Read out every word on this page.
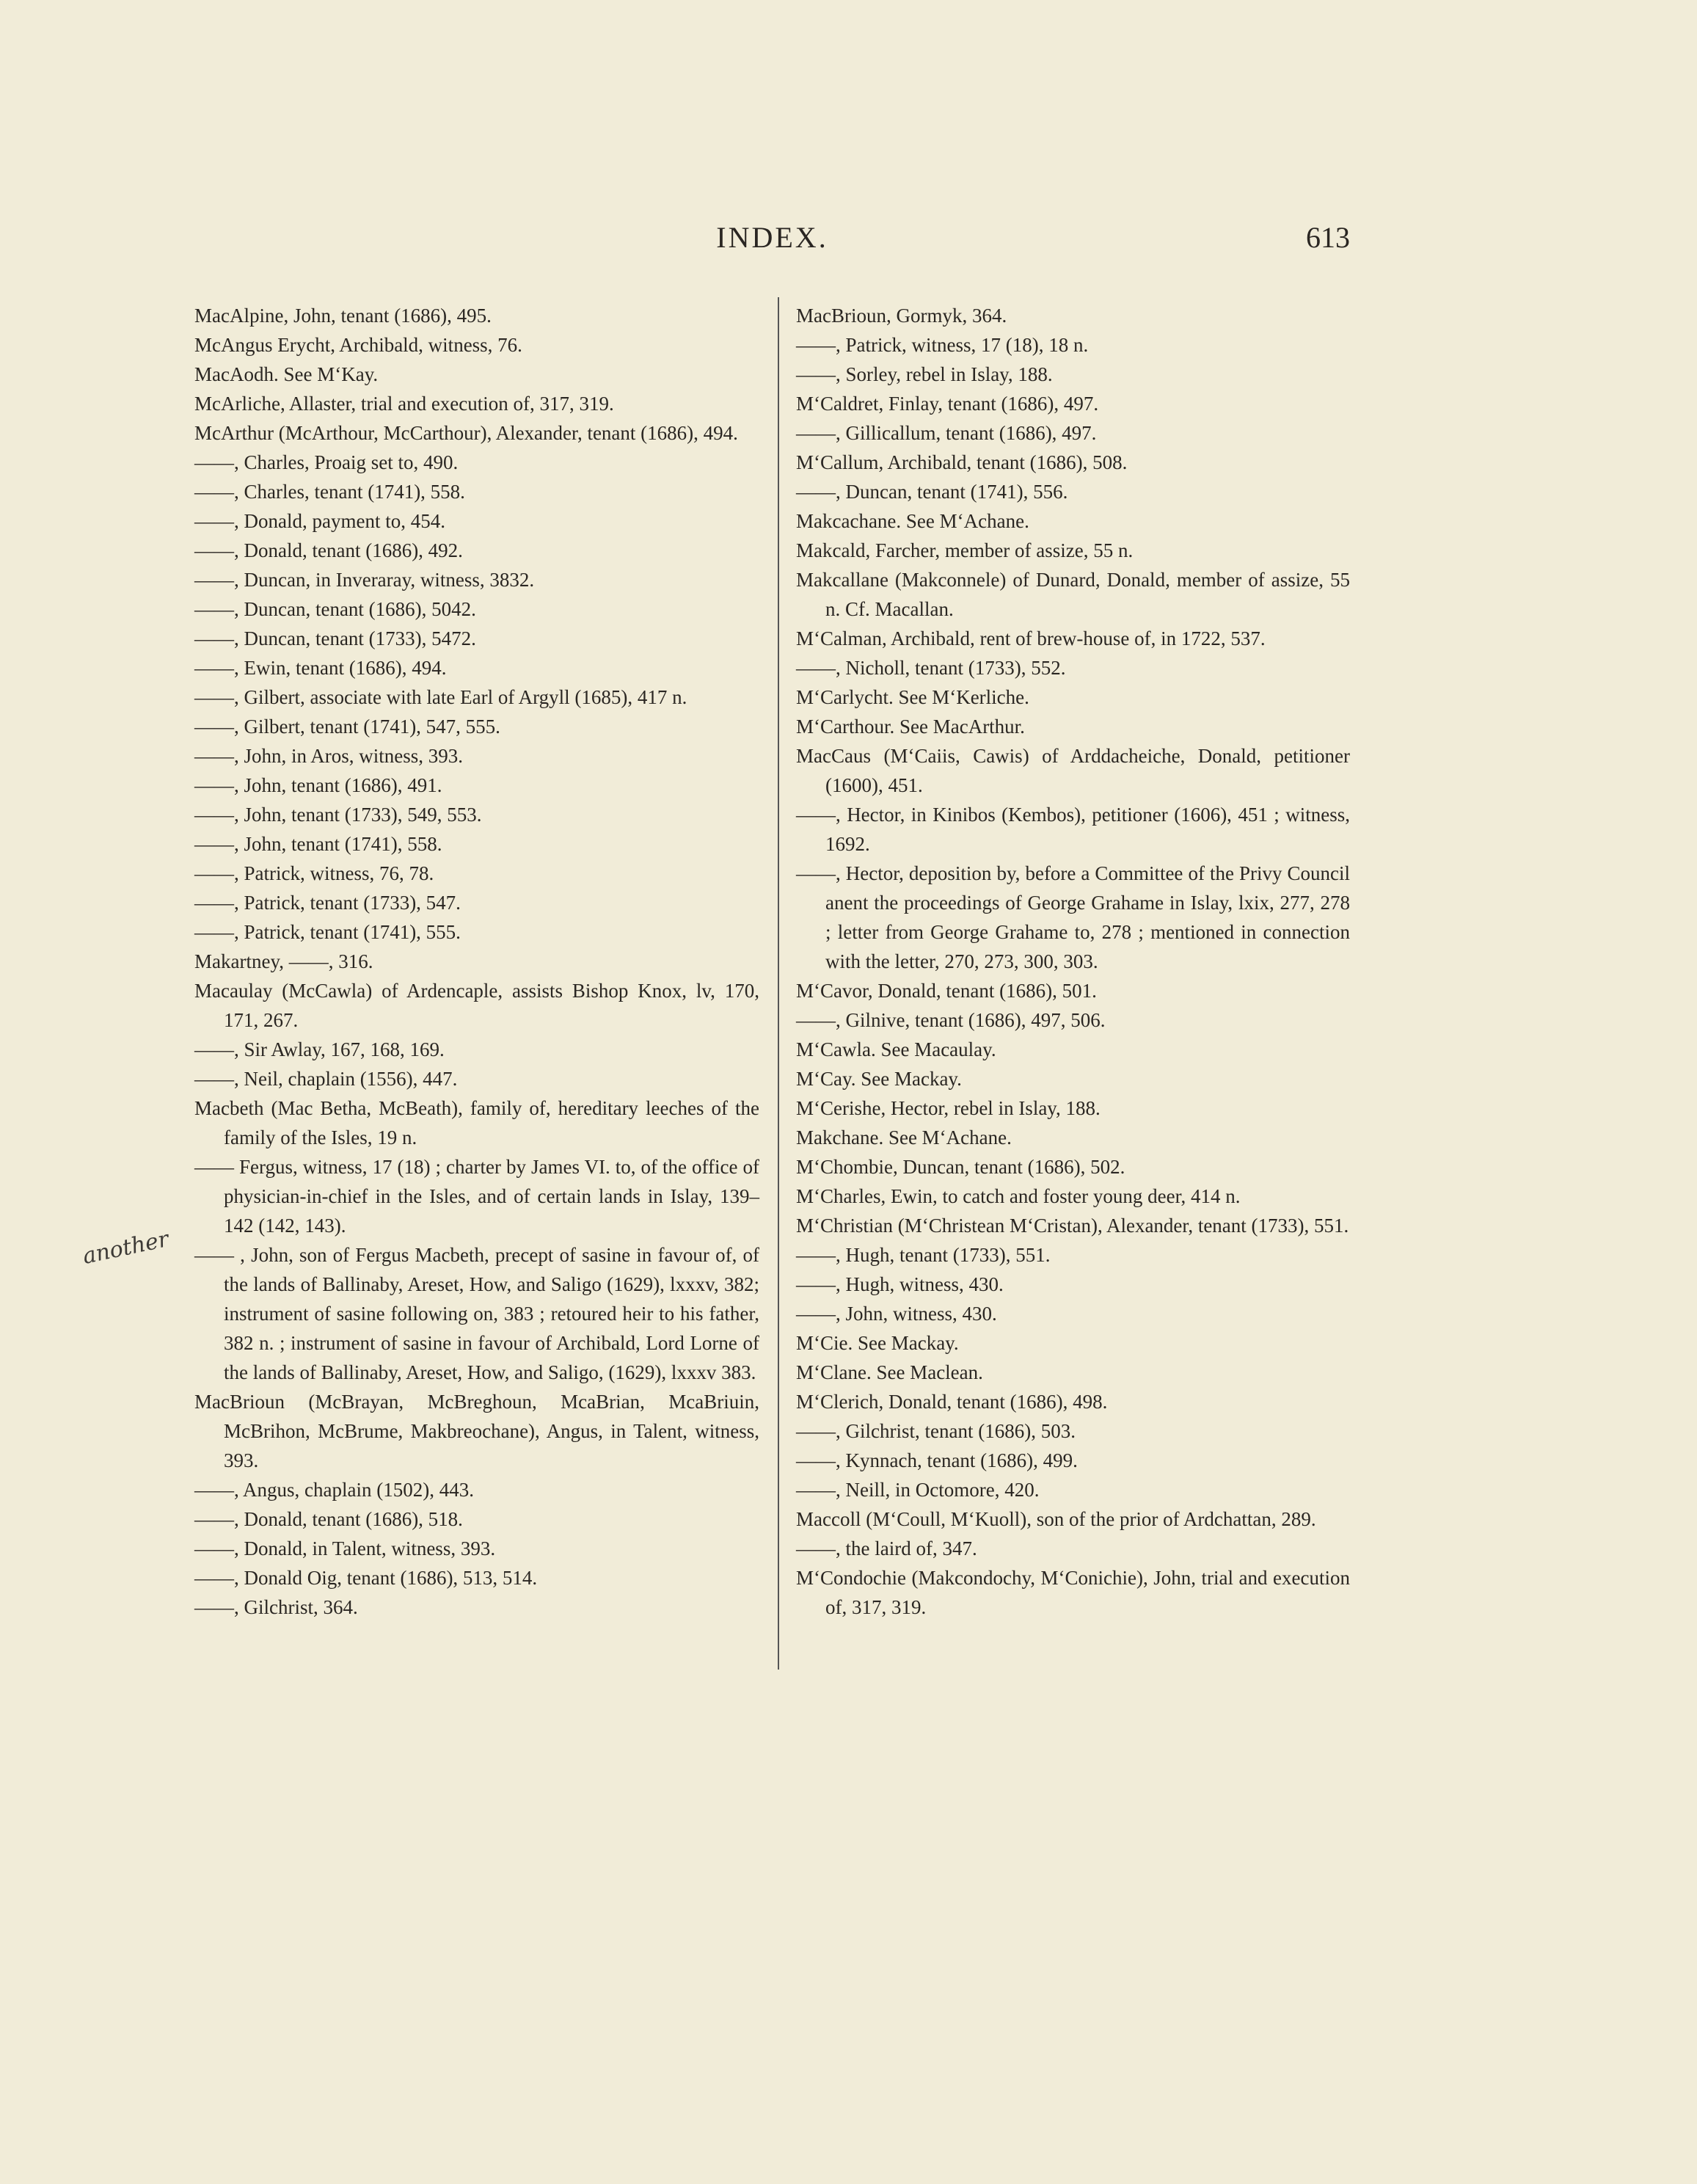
INDEX.	613
another

MacAlpine, John, tenant (1686), 495.

McAngus Erycht, Archibald, witness, 76.

MacAodh. See M‘Kay.

McArliche, Allaster, trial and execution of, 317, 319.

McArthur (McArthour, McCarthour), Alexander, tenant (1686), 494.

——, Charles, Proaig set to, 490.

——, Charles, tenant (1741), 558.

——, Donald, payment to, 454.

——, Donald, tenant (1686), 492.

——, Duncan, in Inveraray, witness, 3832.

——, Duncan, tenant (1686), 5042.

——, Duncan, tenant (1733), 5472.

——, Ewin, tenant (1686), 494.

——, Gilbert, associate with late Earl of Argyll (1685), 417 n.

——, Gilbert, tenant (1741), 547, 555.

——, John, in Aros, witness, 393.

——, John, tenant (1686), 491.

——, John, tenant (1733), 549, 553.

——, John, tenant (1741), 558.

——, Patrick, witness, 76, 78.

——, Patrick, tenant (1733), 547.

——, Patrick, tenant (1741), 555.

Makartney, ——, 316.

Macaulay (McCawla) of Ardencaple, assists Bishop Knox, lv, 170, 171, 267.

——, Sir Awlay, 167, 168, 169.

——, Neil, chaplain (1556), 447.

Macbeth (Mac Betha, McBeath), family of, hereditary leeches of the family of the Isles, 19 n.

—— Fergus, witness, 17 (18) ; charter by James VI. to, of the office of physician-in-chief in the Isles, and of certain lands in Islay, 139–142 (142, 143).

—— , John, son of Fergus Macbeth, precept of sasine in favour of, of the lands of Ballinaby, Areset, How, and Saligo (1629), lxxxv, 382; instrument of sasine following on, 383 ; retoured heir to his father, 382 n. ; instrument of sasine in favour of Archibald, Lord Lorne of the lands of Ballinaby, Areset, How, and Saligo, (1629), lxxxv 383.

MacBrioun (McBrayan, McBreghoun, McaBrian, McaBriuin, McBrihon, McBrume, Makbreochane), Angus, in Talent, witness, 393.

——, Angus, chaplain (1502), 443.

——, Donald, tenant (1686), 518.

——, Donald, in Talent, witness, 393.

——, Donald Oig, tenant (1686), 513, 514.

——, Gilchrist, 364.

MacBrioun, Gormyk, 364.

——, Patrick, witness, 17 (18), 18 n.

——, Sorley, rebel in Islay, 188.

M‘Caldret, Finlay, tenant (1686), 497.

——, Gillicallum, tenant (1686), 497.

M‘Callum, Archibald, tenant (1686), 508.

——, Duncan, tenant (1741), 556.

Makcachane. See M‘Achane.

Makcald, Farcher, member of assize, 55 n.

Makcallane (Makconnele) of Dunard, Donald, member of assize, 55 n. Cf. Macallan.

M‘Calman, Archibald, rent of brew-house of, in 1722, 537.

——, Nicholl, tenant (1733), 552.

M‘Carlycht. See M‘Kerliche.

M‘Carthour. See MacArthur.

MacCaus (M‘Caiis, Cawis) of Arddacheiche, Donald, petitioner (1600), 451.

——, Hector, in Kinibos (Kembos), petitioner (1606), 451 ; witness, 1692.

——, Hector, deposition by, before a Committee of the Privy Council anent the proceedings of George Grahame in Islay, lxix, 277, 278 ; letter from George Grahame to, 278 ; mentioned in connection with the letter, 270, 273, 300, 303.

M‘Cavor, Donald, tenant (1686), 501.

——, Gilnive, tenant (1686), 497, 506.

M‘Cawla. See Macaulay.

M‘Cay. See Mackay.

M‘Cerishe, Hector, rebel in Islay, 188.

Makchane. See M‘Achane.

M‘Chombie, Duncan, tenant (1686), 502.

M‘Charles, Ewin, to catch and foster young deer, 414 n.

M‘Christian (M‘Christean M‘Cristan), Alexander, tenant (1733), 551.

——, Hugh, tenant (1733), 551.

——, Hugh, witness, 430.

——, John, witness, 430.

M‘Cie. See Mackay.

M‘Clane. See Maclean.

M‘Clerich, Donald, tenant (1686), 498.

——, Gilchrist, tenant (1686), 503.

——, Kynnach, tenant (1686), 499.

——, Neill, in Octomore, 420.

Maccoll (M‘Coull, M‘Kuoll), son of the prior of Ardchattan, 289.

——, the laird of, 347.

M‘Condochie (Makcondochy, M‘Conichie), John, trial and execution of, 317, 319.
